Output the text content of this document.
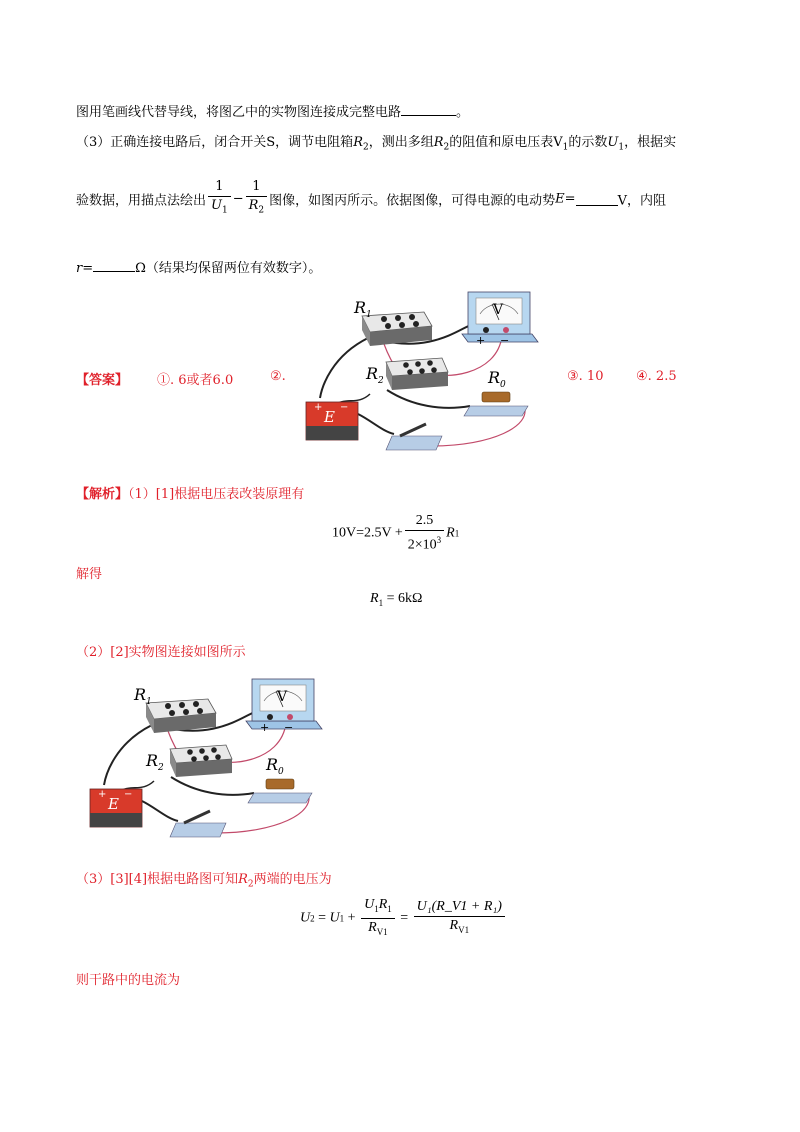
图用笔画线代替导线，将图乙中的实物图连接成完整电路	。
（3）正确连接电路后，闭合开关S，调节电阻箱$R_2$，测出多组$R_2$的阻值和原电压表$V_1$的示数$U_1$，根据实
验数据，用描点法绘出 $\frac{1}{U_1} - \frac{1}{R_2}$ 图像，如图丙所示。依据图像，可得电源的电动势E=	V，内阻
r=	Ω（结果均保留两位有效数字）。
【答案】 ①. 6或者6.0	②.	③. 10	④. 2.5
$R_1$
$R_2$	$R_0$
V
+ −
+ −
E
【解析】（1）[1]根据电压表改装原理有
$10V=2.5V + \frac{2.5}{2\times 10^3} R1$
解得
$R_1 = 6k\Omega$
（2）[2]实物图连接如图所示
$R_1$
$R_2$	$R_0$
V
+ −
+ −
E
（3）[3][4]根据电路图可知$R_2$两端的电压为
$U2 = U1 + \frac{U_1R_1}{R_{V1}} = \frac{\text{U₁(R\_V1 + R₁)}}{R_{V1}}$
则干路中的电流为
